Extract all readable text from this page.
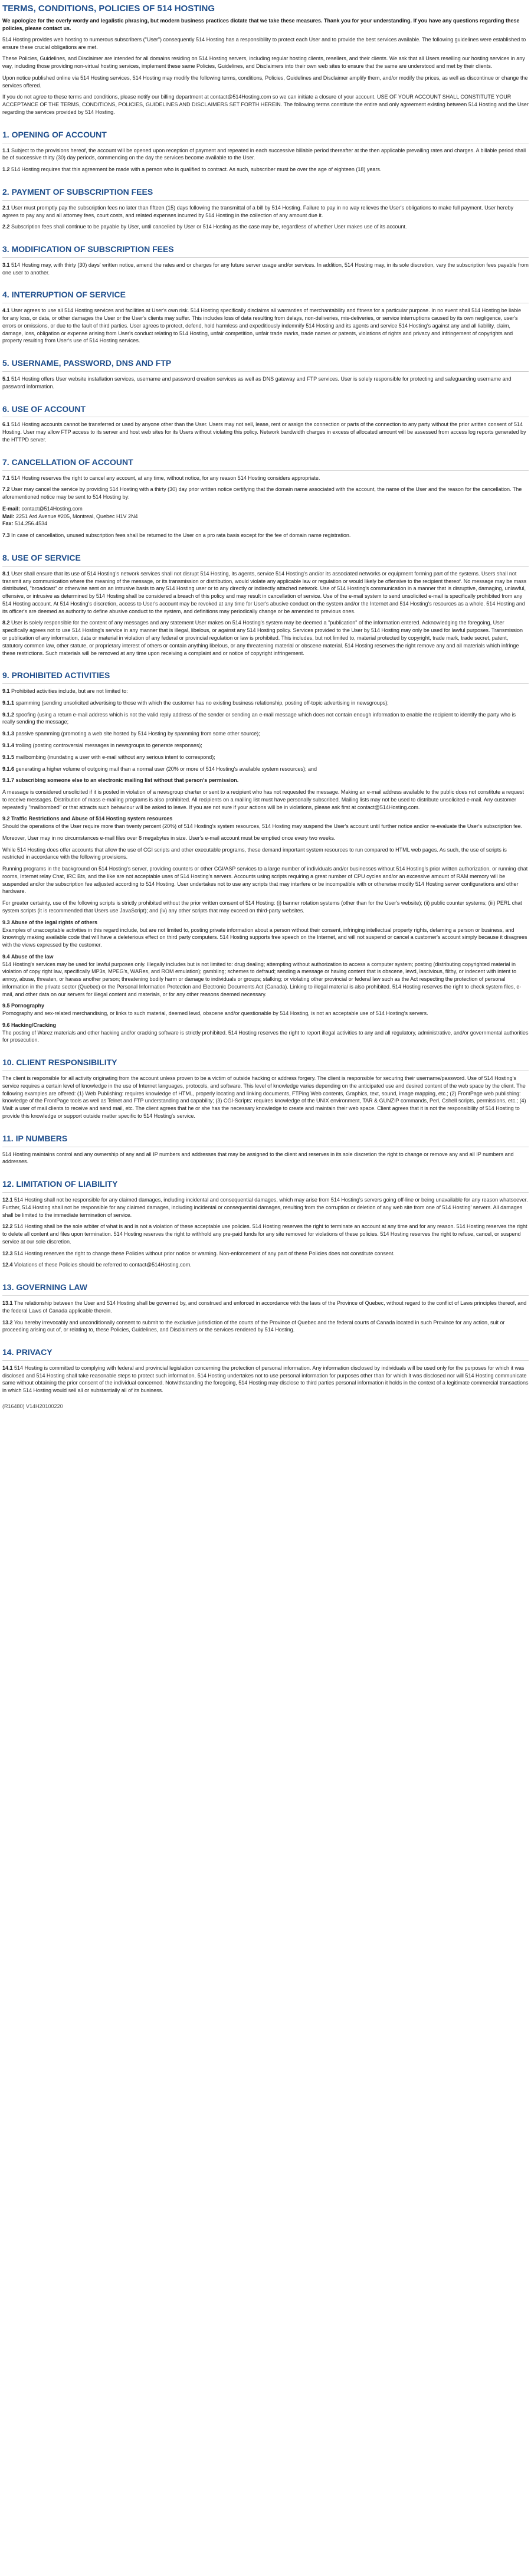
TERMS, CONDITIONS, POLICIES OF 514 HOSTING

We apologize for the overly wordy and legalistic phrasing, but modern business practices dictate that we take these measures. Thank you for your understanding. If you have any questions regarding these policies, please contact us.

514 Hosting provides web hosting to numerous subscribers ("User") consequently 514 Hosting has a responsibility to protect each User and to provide the best services available. The following guidelines were established to ensure these crucial obligations are met.

These Policies, Guidelines, and Disclaimer are intended for all domains residing on 514 Hosting servers, including regular hosting clients, resellers, and their clients. We ask that all Users reselling our hosting services in any way, including those providing non-virtual hosting services, implement these same Policies, Guidelines, and Disclaimers into their own web sites to ensure that the same are understood and met by their clients.

Upon notice published online via 514 Hosting services, 514 Hosting may modify the following terms, conditions, Policies, Guidelines and Disclaimer amplify them, and/or modify the prices, as well as discontinue or change the services offered.

If you do not agree to these terms and conditions, please notify our billing department at contact@514Hosting.com so we can initiate a closure of your account. USE OF YOUR ACCOUNT SHALL CONSTITUTE YOUR ACCEPTANCE OF THE TERMS, CONDITIONS, POLICIES, GUIDELINES AND DISCLAIMERS SET FORTH HEREIN. The following terms constitute the entire and only agreement existing between 514 Hosting and the User regarding the services provided by 514 Hosting.

1. OPENING OF ACCOUNT

1.1 Subject to the provisions hereof, the account will be opened upon reception of payment and repeated in each successive billable period thereafter at the then applicable prevailing rates and charges. A billable period shall be of successive thirty (30) day periods, commencing on the day the services become available to the User.

1.2 514 Hosting requires that this agreement be made with a person who is qualified to contract. As such, subscriber must be over the age of eighteen (18) years.

2. PAYMENT OF SUBSCRIPTION FEES

2.1 User must promptly pay the subscription fees no later than fifteen (15) days following the transmittal of a bill by 514 Hosting. Failure to pay in no way relieves the User's obligations to make full payment. User hereby agrees to pay any and all attorney fees, court costs, and related expenses incurred by 514 Hosting in the collection of any amount due it.

2.2 Subscription fees shall continue to be payable by User, until cancelled by User or 514 Hosting as the case may be, regardless of whether User makes use of its account.

3. MODIFICATION OF SUBSCRIPTION FEES

3.1 514 Hosting may, with thirty (30) days' written notice, amend the rates and or charges for any future server usage and/or services. In addition, 514 Hosting may, in its sole discretion, vary the subscription fees payable from one user to another.

4. INTERRUPTION OF SERVICE

4.1 User agrees to use all 514 Hosting services and facilities at User's own risk. 514 Hosting specifically disclaims all warranties of merchantability and fitness for a particular purpose. In no event shall 514 Hosting be liable for any loss, or data, or other damages the User or the User's clients may suffer. This includes loss of data resulting from delays, non-deliveries, mis-deliveries, or service interruptions caused by its own negligence, user's errors or omissions, or due to the fault of third parties. User agrees to protect, defend, hold harmless and expeditiously indemnify 514 Hosting and its agents and service 514 Hosting's against any and all liability, claim, damage, loss, obligation or expense arising from User's conduct relating to 514 Hosting, unfair competition, unfair trade marks, trade names or patents, violations of rights and privacy and infringement of copyrights and property resulting from User's use of 514 Hosting services.

5. USERNAME, PASSWORD, DNS AND FTP

5.1 514 Hosting offers User website installation services, username and password creation services as well as DNS gateway and FTP services. User is solely responsible for protecting and safeguarding username and password information.

6. USE OF ACCOUNT

6.1 514 Hosting accounts cannot be transferred or used by anyone other than the User. Users may not sell, lease, rent or assign the connection or parts of the connection to any party without the prior written consent of 514 Hosting. User may allow FTP access to its server and host web sites for its Users without violating this policy. Network bandwidth charges in excess of allocated amount will be assessed from access log reports generated by the HTTPD server.

7. CANCELLATION OF ACCOUNT

7.1 514 Hosting reserves the right to cancel any account, at any time, without notice, for any reason 514 Hosting considers appropriate.

7.2 User may cancel the service by providing 514 Hosting with a thirty (30) day prior written notice certifying that the domain name associated with the account, the name of the User and the reason for the cancellation. The aforementioned notice may be sent to 514 Hosting by:

E-mail: contact@514Hosting.com
Mail: 2251 Ard Avenue #205, Montreal, Quebec H1V 2N4
Fax: 514.256.4534

7.3 In case of cancellation, unused subscription fees shall be returned to the User on a pro rata basis except for the fee of domain name registration.

8. USE OF SERVICE

8.1 User shall ensure that its use of 514 Hosting's network services shall not disrupt 514 Hosting, its agents, service 514 Hosting's and/or its associated networks or equipment forming part of the systems. Users shall not transmit any communication where the meaning of the message, or its transmission or distribution, would violate any applicable law or regulation or would likely be offensive to the recipient thereof. No message may be mass distributed, "broadcast" or otherwise sent on an intrusive basis to any 514 Hosting user or to any directly or indirectly attached network. Use of 514 Hosting's communication in a manner that is disruptive, damaging, unlawful, offensive, or intrusive as determined by 514 Hosting shall be considered a breach of this policy and may result in cancellation of service. Use of the e-mail system to send unsolicited e-mail is specifically prohibited from any 514 Hosting account. At 514 Hosting's discretion, access to User's account may be revoked at any time for User's abusive conduct on the system and/or the Internet and 514 Hosting's resources as a whole. 514 Hosting and its officer's are deemed as authority to define abusive conduct to the system, and definitions may periodically change or be amended to previous ones.

8.2 User is solely responsible for the content of any messages and any statement User makes on 514 Hosting's system may be deemed a "publication" of the information entered. Acknowledging the foregoing, User specifically agrees not to use 514 Hosting's service in any manner that is illegal, libelous, or against any 514 Hosting policy. Services provided to the User by 514 Hosting may only be used for lawful purposes. Transmission or publication of any information, data or material in violation of any federal or provincial regulation or law is prohibited. This includes, but not limited to, material protected by copyright, trade mark, trade secret, patent, statutory common law, other statute, or proprietary interest of others or contain anything libelous, or any threatening material or obscene material. 514 Hosting reserves the right remove any and all materials which infringe these restrictions. Such materials will be removed at any time upon receiving a complaint and or notice of copyright infringement.

9. PROHIBITED ACTIVITIES

9.1 Prohibited activities include, but are not limited to:

9.1.1 spamming (sending unsolicited advertising to those with which the customer has no existing business relationship, posting off-topic advertising in newsgroups);

9.1.2 spoofing (using a return e-mail address which is not the valid reply address of the sender or sending an e-mail message which does not contain enough information to enable the recipient to identify the party who is really sending the message;

9.1.3 passive spamming (promoting a web site hosted by 514 Hosting by spamming from some other source);

9.1.4 trolling (posting controversial messages in newsgroups to generate responses);

9.1.5 mailbombing (inundating a user with e-mail without any serious intent to correspond);

9.1.6 generating a higher volume of outgoing mail than a normal user (20% or more of 514 Hosting's available system resources); and

9.1.7 subscribing someone else to an electronic mailing list without that person's permission.

A message is considered unsolicited if it is posted in violation of a newsgroup charter or sent to a recipient who has not requested the message. Making an e-mail address available to the public does not constitute a request to receive messages. Distribution of mass e-mailing programs is also prohibited. All recipients on a mailing list must have personally subscribed. Mailing lists may not be used to distribute unsolicited e-mail. Any customer repeatedly "mailbombed" or that attracts such behaviour will be asked to leave. If you are not sure if your actions will be in violations, please ask first at contact@514Hosting.com.

9.2 Traffic Restrictions and Abuse of 514 Hosting system resources
Should the operations of the User require more than twenty percent (20%) of 514 Hosting's system resources, 514 Hosting may suspend the User's account until further notice and/or re-evaluate the User's subscription fee.

Moreover, User may in no circumstances e-mail files over 8 megabytes in size. User's e-mail account must be emptied once every two weeks.

While 514 Hosting does offer accounts that allow the use of CGI scripts and other executable programs, these demand important system resources to run compared to HTML web pages. As such, the use of scripts is restricted in accordance with the following provisions.

Running programs in the background on 514 Hosting's server, providing counters or other CGI/ASP services to a large number of individuals and/or businesses without 514 Hosting's prior written authorization, or running chat rooms, Internet relay Chat, IRC Bts, and the like are not acceptable uses of 514 Hosting's servers. Accounts using scripts requiring a great number of CPU cycles and/or an excessive amount of RAM memory will be suspended and/or the subscription fee adjusted according to 514 Hosting. User undertakes not to use any scripts that may interfere or be incompatible with or otherwise modify 514 Hosting server configurations and other hardware.

For greater certainty, use of the following scripts is strictly prohibited without the prior written consent of 514 Hosting: (i) banner rotation systems (other than for the User's website); (ii) public counter systems; (iii) PERL chat system scripts (it is recommended that Users use JavaScript); and (iv) any other scripts that may exceed on third-party websites.

9.3 Abuse of the legal rights of others
Examples of unacceptable activities in this regard include, but are not limited to, posting private information about a person without their consent, infringing intellectual property rights, defaming a person or business, and knowingly making available code that will have a deleterious effect on third party computers. 514 Hosting supports free speech on the Internet, and will not suspend or cancel a customer's account simply because it disagrees with the views expressed by the customer.

9.4 Abuse of the law
514 Hosting's services may be used for lawful purposes only. Illegally includes but is not limited to: drug dealing; attempting without authorization to access a computer system; posting (distributing copyrighted material in violation of copy right law, specifically MP3s, MPEG's, WARes, and ROM emulation); gambling; schemes to defraud; sending a message or having content that is obscene, lewd, lascivious, filthy, or indecent with intent to annoy, abuse, threaten, or harass another person; threatening bodily harm or damage to individuals or groups; stalking; or violating other provincial or federal law such as the Act respecting the protection of personal information in the private sector (Quebec) or the Personal Information Protection and Electronic Documents Act (Canada). Linking to illegal material is also prohibited. 514 Hosting reserves the right to check system files, e-mail, and other data on our servers for illegal content and materials, or for any other reasons deemed necessary.

9.5 Pornography
Pornography and sex-related merchandising, or links to such material, deemed lewd, obscene and/or questionable by 514 Hosting, is not an acceptable use of 514 Hosting's servers.

9.6 Hacking/Cracking
The posting of Warez materials and other hacking and/or cracking software is strictly prohibited. 514 Hosting reserves the right to report illegal activities to any and all regulatory, administrative, and/or governmental authorities for prosecution.

10. CLIENT RESPONSIBILITY

The client is responsible for all activity originating from the account unless proven to be a victim of outside hacking or address forgery. The client is responsible for securing their username/password. Use of 514 Hosting's service requires a certain level of knowledge in the use of Internet languages, protocols, and software. This level of knowledge varies depending on the anticipated use and desired content of the web space by the client. The following examples are offered: (1) Web Publishing: requires knowledge of HTML, properly locating and linking documents, FTPing Web contents, Graphics, text, sound, image mapping, etc.; (2) FrontPage web publishing: knowledge of the FrontPage tools as well as Telnet and FTP understanding and capability; (3) CGI-Scripts: requires knowledge of the UNIX environment, TAR & GUNZIP commands, Perl, CshelI scripts, permissions, etc.; (4) Mail: a user of mail clients to receive and send mail, etc. The client agrees that he or she has the necessary knowledge to create and maintain their web space. Client agrees that it is not the responsibility of 514 Hosting to provide this knowledge or support outside matter specific to 514 Hosting's service.

11. IP NUMBERS

514 Hosting maintains control and any ownership of any and all IP numbers and addresses that may be assigned to the client and reserves in its sole discretion the right to change or remove any and all IP numbers and addresses.

12. LIMITATION OF LIABILITY

12.1 514 Hosting shall not be responsible for any claimed damages, including incidental and consequential damages, which may arise from 514 Hosting's servers going off-line or being unavailable for any reason whatsoever. Further, 514 Hosting shall not be responsible for any claimed damages, including incidental or consequential damages, resulting from the corruption or deletion of any web site from one of 514 Hosting' servers. All damages shall be limited to the immediate termination of service.

12.2 514 Hosting shall be the sole arbiter of what is and is not a violation of these acceptable use policies. 514 Hosting reserves the right to terminate an account at any time and for any reason. 514 Hosting reserves the right to delete all content and files upon termination. 514 Hosting reserves the right to withhold any pre-paid funds for any site removed for violations of these policies. 514 Hosting reserves the right to refuse, cancel, or suspend service at our sole discretion.

12.3 514 Hosting reserves the right to change these Policies without prior notice or warning. Non-enforcement of any part of these Policies does not constitute consent.

12.4 Violations of these Policies should be referred to contact@514Hosting.com.

13. GOVERNING LAW

13.1 The relationship between the User and 514 Hosting shall be governed by, and construed and enforced in accordance with the laws of the Province of Quebec, without regard to the conflict of Laws principles thereof, and the federal Laws of Canada applicable therein.

13.2 You hereby irrevocably and unconditionally consent to submit to the exclusive jurisdiction of the courts of the Province of Quebec and the federal courts of Canada located in such Province for any action, suit or proceeding arising out of, or relating to, these Policies, Guidelines, and Disclaimers or the services rendered by 514 Hosting.

14. PRIVACY

14.1 514 Hosting is committed to complying with federal and provincial legislation concerning the protection of personal information. Any information disclosed by individuals will be used only for the purposes for which it was disclosed and 514 Hosting shall take reasonable steps to protect such information. 514 Hosting undertakes not to use personal information for purposes other than for which it was disclosed nor will 514 Hosting communicate same without obtaining the prior consent of the individual concerned. Notwithstanding the foregoing, 514 Hosting may disclose to third parties personal information it holds in the context of a legitimate commercial transactions in which 514 Hosting would sell all or substantially all of its business.

(R16480) V14H20100220
